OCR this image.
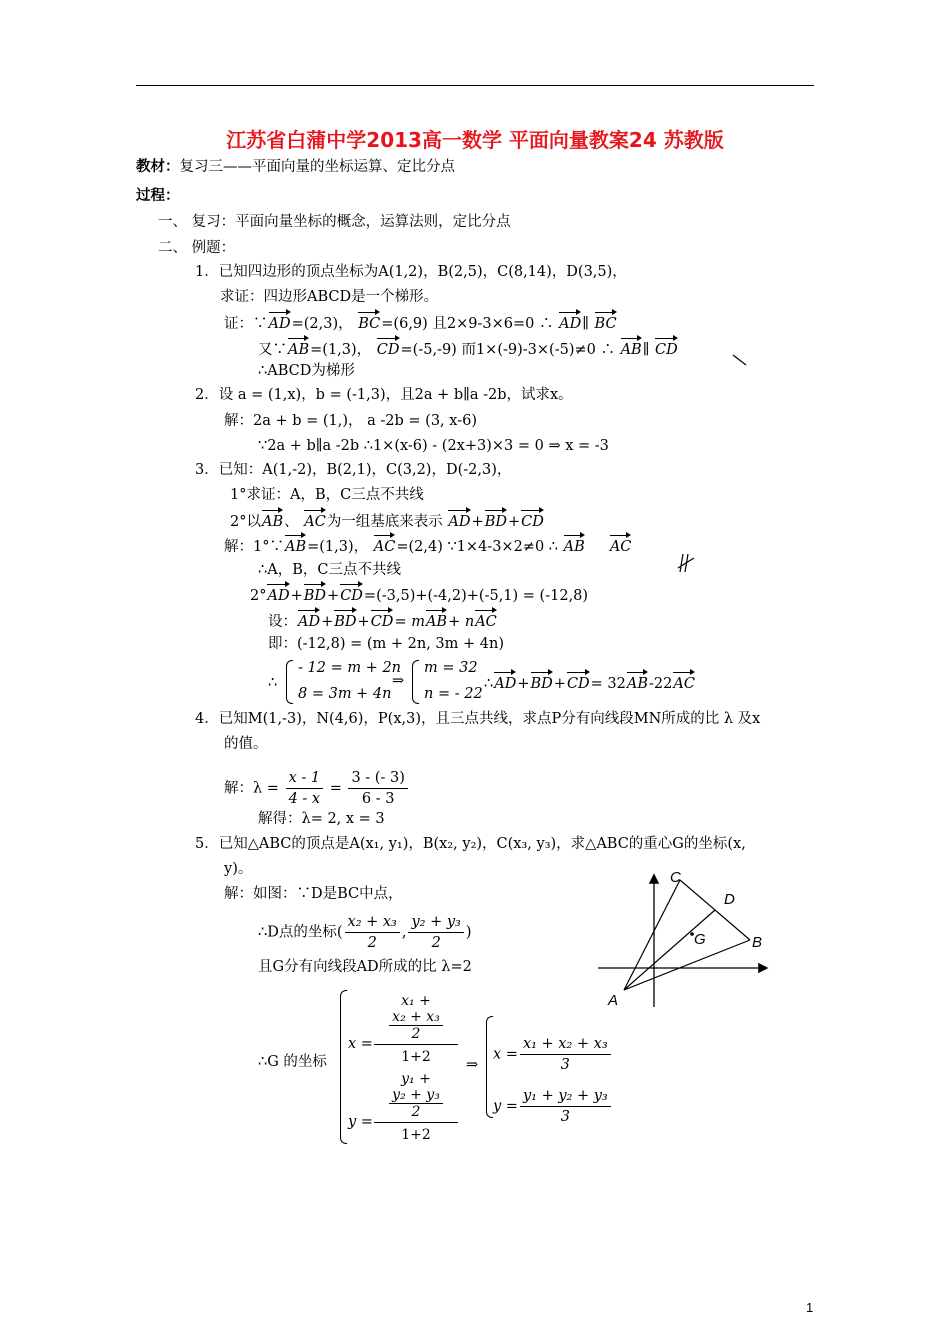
江苏省白蒲中学2013高一数学 平面向量教案24 苏教版
教材：复习三——平面向量的坐标运算、定比分点
过程：
一、 复习：平面向量坐标的概念，运算法则，定比分点
二、 例题：
1．已知四边形的顶点坐标为A(1,2)，B(2,5)，C(8,14)，D(3,5)，
求证：四边形ABCD是一个梯形。
证：∵AD=(2,3)， BC=(6,9) 且2×9-3×6=0 ∴ AD∥ BC
又∵AB=(1,3)， CD=(-5,-9) 而1×(-9)-3×(-5)≠0 ∴ AB∥ CD
∴ABCD为梯形
2．设 a = (1,x)，b = (-1,3)，且2a + b∥a -2b，试求x。
解：2a + b = (1,)， a -2b = (3, x-6)
∵2a + b∥a -2b ∴1×(x-6) - (2x+3)×3 = 0 ⇒ x = -3
3．已知：A(1,-2)，B(2,1)，C(3,2)，D(-2,3)，
1°求证：A，B，C三点不共线
2°以AB、 AC为一组基底来表示 AD+BD+CD
解：1°∵AB=(1,3)， AC=(2,4) ∵1×4-3×2≠0 ∴ AB AC
∴A，B，C三点不共线
2°AD+BD+CD=(-3,5)+(-4,2)+(-5,1) = (-12,8)
设：AD+BD+CD= mAB+ nAC
即：(-12,8) = (m + 2n, 3m + 4n)
∴
- 12 = m + 2n
8 = 3m + 4n
⇒
m = 32
n = - 22
∴AD+BD+CD= 32AB-22AC
4．已知M(1,-3)，N(4,6)，P(x,3)，且三点共线，求点P分有向线段MN所成的比 λ 及x
的值。
解：$\lambda = \frac{x - 1}{4 - x} = \frac{3 - (- 3)}{6 - 3}$
解得：λ= 2, x = 3
5．已知△ABC的顶点是A(x₁, y₁)，B(x₂, y₂)，C(x₃, y₃)，求△ABC的重心G的坐标(x,
y)。
解：如图：∵D是BC中点，
∴D点的坐标( $\frac{\text{x₂ + x₃}}{2}$ , $\frac{\text{y₂ + y₃}}{2}$ )
且G分有向线段AD所成的比 λ=2
∴G 的坐标
x =
y =
x₁ +
$\frac{\text{x₂ + x₃}}{2}$
1+2
y₁ +
$\frac{\text{y₂ + y₃}}{2}$
1+2
⇒
$x = \frac{\text{x₁ + x₂ + x₃}}{3}$
$y = \frac{\text{y₁ + y₂ + y₃}}{3}$
C
D
G	B
A
1
